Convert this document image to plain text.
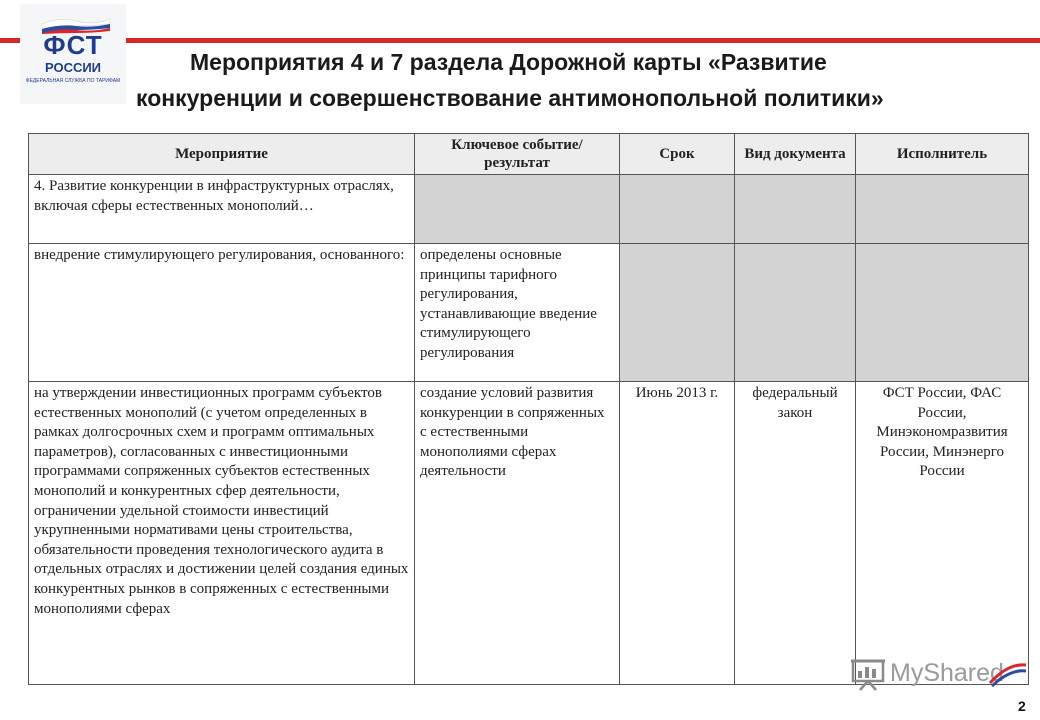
ФСТ
РОССИИ
ФЕДЕРАЛЬНАЯ СЛУЖБА ПО ТАРИФАМ
Мероприятия 4 и 7 раздела Дорожной карты «Развитие
конкуренции и совершенствование антимонопольной политики»
Мероприятие	Ключевое событие/результат	Срок	Вид документа	Исполнитель
4. Развитие конкуренции в инфраструктурных отраслях, включая сферы естественных монополий…				
внедрение стимулирующего регулирования, основанного:	определены основные принципы тарифного регулирования, устанавливающие введение стимулирующего регулирования			
на утверждении инвестиционных программ субъектов естественных монополий (с учетом определенных в рамках долгосрочных схем и программ оптимальных параметров), согласованных с инвестиционными программами сопряженных субъектов естественных монополий и конкурентных сфер деятельности, ограничении удельной стоимости инвестиций укрупненными нормативами цены строительства, обязательности проведения технологического аудита в отдельных отраслях и достижении целей создания единых конкурентных рынков в сопряженных с естественными монополиями сферах	создание условий развития конкуренции в сопряженных с естественными монополиями сферах деятельности	Июнь 2013 г.	федеральный закон	ФСТ России, ФАС России, Минэкономразвития России, Минэнерго России
MyShared
2
